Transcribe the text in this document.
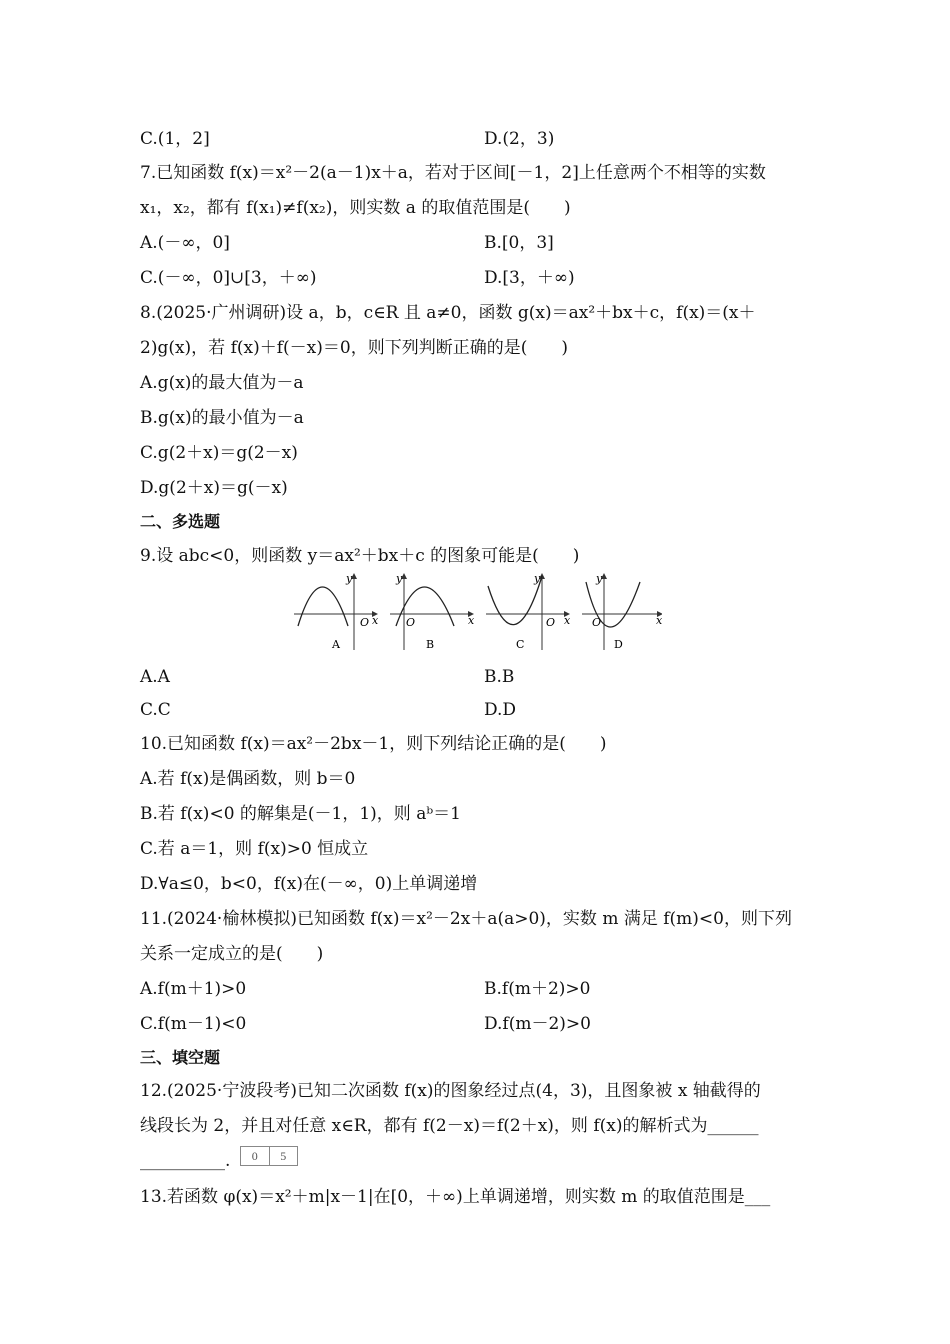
C.(1，2]	D.(2，3)
7.已知函数 f(x)＝x²－2(a－1)x＋a，若对于区间[－1，2]上任意两个不相等的实数
x₁，x₂，都有 f(x₁)≠f(x₂)，则实数 a 的取值范围是(　　)
A.(－∞，0]	B.[0，3]
C.(－∞，0]∪[3，＋∞)	D.[3，＋∞)
8.(2025·广州调研)设 a，b，c∈R 且 a≠0，函数 g(x)＝ax²＋bx＋c，f(x)＝(x＋
2)g(x)，若 f(x)＋f(－x)＝0，则下列判断正确的是(　　)
A.g(x)的最大值为－a
B.g(x)的最小值为－a
C.g(2＋x)＝g(2－x)
D.g(2＋x)＝g(－x)
二、多选题
9.设 abc<0，则函数 y＝ax²＋bx＋c 的图象可能是(　　)
A.A	B.B
C.C	D.D
10.已知函数 f(x)＝ax²－2bx－1，则下列结论正确的是(　　)
A.若 f(x)是偶函数，则 b＝0
B.若 f(x)<0 的解集是(－1，1)，则 aᵇ＝1
C.若 a＝1，则 f(x)>0 恒成立
D.∀a≤0，b<0，f(x)在(－∞，0)上单调递增
11.(2024·榆林模拟)已知函数 f(x)＝x²－2x＋a(a>0)，实数 m 满足 f(m)<0，则下列
关系一定成立的是(　　)
A.f(m＋1)>0	B.f(m＋2)>0
C.f(m－1)<0	D.f(m－2)>0
三、填空题
12.(2025·宁波段考)已知二次函数 f(x)的图象经过点(4，3)，且图象被 x 轴截得的
线段长为 2，并且对任意 x∈R，都有 f(2－x)＝f(2＋x)，则 f(x)的解析式为______
__________.
13.若函数 φ(x)＝x²＋m|x－1|在[0，＋∞)上单调递增，则实数 m 的取值范围是___
y
x
O
A
y
x
O
B
y
x
O
C
y
x
O
D
0	5
